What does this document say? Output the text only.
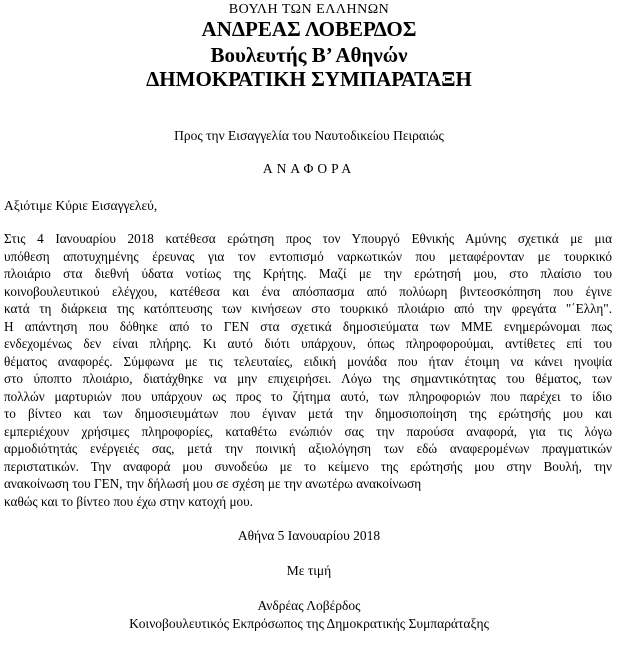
ΒΟΥΛΗ ΤΩΝ ΕΛΛΗΝΩΝ
ΑΝΔΡΕΑΣ ΛΟΒΕΡΔΟΣ
Βουλευτής Β’ Αθηνών
ΔΗΜΟΚΡΑΤΙΚΗ ΣΥΜΠΑΡΑΤΑΞΗ
Προς την Εισαγγελία του Ναυτοδικείου Πειραιώς
ΑΝΑΦΟΡΑ
Αξιότιμε Κύριε Εισαγγελεύ,
Στις 4 Ιανουαρίου 2018 κατέθεσα ερώτηση προς τον Υπουργό Εθνικής Αμύνης σχετικά με μια
υπόθεση αποτυχημένης έρευνας για τον εντοπισμό ναρκωτικών που μεταφέρονταν με τουρκικό
πλοιάριο στα διεθνή ύδατα νοτίως της Κρήτης. Μαζί με την ερώτησή μου, στο πλαίσιο του
κοινοβουλευτικού ελέγχου, κατέθεσα και ένα απόσπασμα από πολύωρη βιντεοσκόπηση που έγινε
κατά τη διάρκεια της κατόπτευσης των κινήσεων στο τουρκικό πλοιάριο από την φρεγάτα "΄Ελλη".
Η απάντηση που δόθηκε από το ΓΕΝ στα σχετικά δημοσιεύματα των ΜΜΕ ενημερώνομαι πως
ενδεχομένως δεν είναι πλήρης. Κι αυτό διότι υπάρχουν, όπως πληροφορούμαι, αντίθετες επί του
θέματος αναφορές. Σύμφωνα με τις τελευταίες, ειδική μονάδα που ήταν έτοιμη να κάνει ηνοψία
στο ύποπτο πλοιάριο, διατάχθηκε να μην επιχειρήσει. Λόγω της σημαντικότητας του θέματος, των
πολλών μαρτυριών που υπάρχουν ως προς το ζήτημα αυτό, των πληροφοριών που παρέχει το ίδιο
το βίντεο και των δημοσιευμάτων που έγιναν μετά την δημοσιοποίηση της ερώτησής μου και
εμπεριέχουν χρήσιμες πληροφορίες, καταθέτω ενώπιόν σας την παρούσα αναφορά, για τις λόγω
αρμοδιότητάς ενέργειές σας, μετά την ποινική αξιολόγηση των εδώ αναφερομένων πραγματικών
περιστατικών. Την αναφορά μου συνοδεύω με το κείμενο της ερώτησής μου στην Βουλή, την
ανακοίνωση του ΓΕΝ, την δήλωσή μου σε σχέση με την ανωτέρω ανακοίνωση
καθώς και το βίντεο που έχω στην κατοχή μου.
Αθήνα 5 Ιανουαρίου 2018
Με τιμή
Ανδρέας Λοβέρδος
Κοινοβουλευτικός Εκπρόσωπος της Δημοκρατικής Συμπαράταξης
